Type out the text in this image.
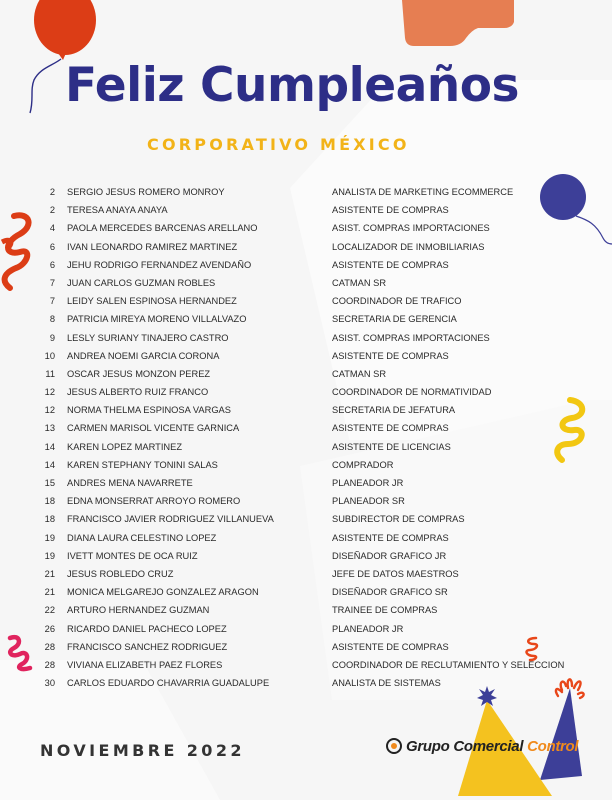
Feliz Cumpleaños
CORPORATIVO MÉXICO
2 SERGIO JESUS ROMERO MONROY	ANALISTA DE MARKETING ECOMMERCE
2 TERESA ANAYA ANAYA	ASISTENTE DE COMPRAS
4 PAOLA MERCEDES BARCENAS ARELLANO	ASIST. COMPRAS IMPORTACIONES
6 IVAN LEONARDO RAMIREZ MARTINEZ	LOCALIZADOR DE INMOBILIARIAS
6 JEHU RODRIGO FERNANDEZ AVENDAÑO	ASISTENTE DE COMPRAS
7 JUAN CARLOS GUZMAN ROBLES	CATMAN SR
7 LEIDY SALEN ESPINOSA HERNANDEZ	COORDINADOR DE TRAFICO
8 PATRICIA MIREYA MORENO VILLALVAZO	SECRETARIA DE GERENCIA
9 LESLY SURIANY TINAJERO CASTRO	ASIST. COMPRAS IMPORTACIONES
10 ANDREA NOEMI GARCIA CORONA	ASISTENTE DE COMPRAS
11 OSCAR JESUS MONZON PEREZ	CATMAN SR
12 JESUS ALBERTO RUIZ FRANCO	COORDINADOR DE NORMATIVIDAD
12 NORMA THELMA ESPINOSA VARGAS	SECRETARIA DE JEFATURA
13 CARMEN MARISOL VICENTE GARNICA	ASISTENTE DE COMPRAS
14 KAREN LOPEZ MARTINEZ	ASISTENTE DE LICENCIAS
14 KAREN STEPHANY TONINI SALAS	COMPRADOR
15 ANDRES MENA NAVARRETE	PLANEADOR JR
18 EDNA MONSERRAT ARROYO ROMERO	PLANEADOR SR
18 FRANCISCO JAVIER RODRIGUEZ VILLANUEVA	SUBDIRECTOR DE COMPRAS
19 DIANA LAURA CELESTINO LOPEZ	ASISTENTE DE COMPRAS
19 IVETT MONTES DE OCA RUIZ	DISEÑADOR GRAFICO JR
21 JESUS ROBLEDO CRUZ	JEFE DE DATOS MAESTROS
21 MONICA MELGAREJO GONZALEZ ARAGON	DISEÑADOR GRAFICO SR
22 ARTURO HERNANDEZ GUZMAN	TRAINEE DE COMPRAS
26 RICARDO DANIEL PACHECO LOPEZ	PLANEADOR JR
28 FRANCISCO SANCHEZ RODRIGUEZ	ASISTENTE DE COMPRAS
28 VIVIANA ELIZABETH PAEZ FLORES	COORDINADOR DE RECLUTAMIENTO Y SELECCION
30 CARLOS EDUARDO CHAVARRIA GUADALUPE	ANALISTA DE SISTEMAS
NOVIEMBRE 2022	Grupo Comercial Control
